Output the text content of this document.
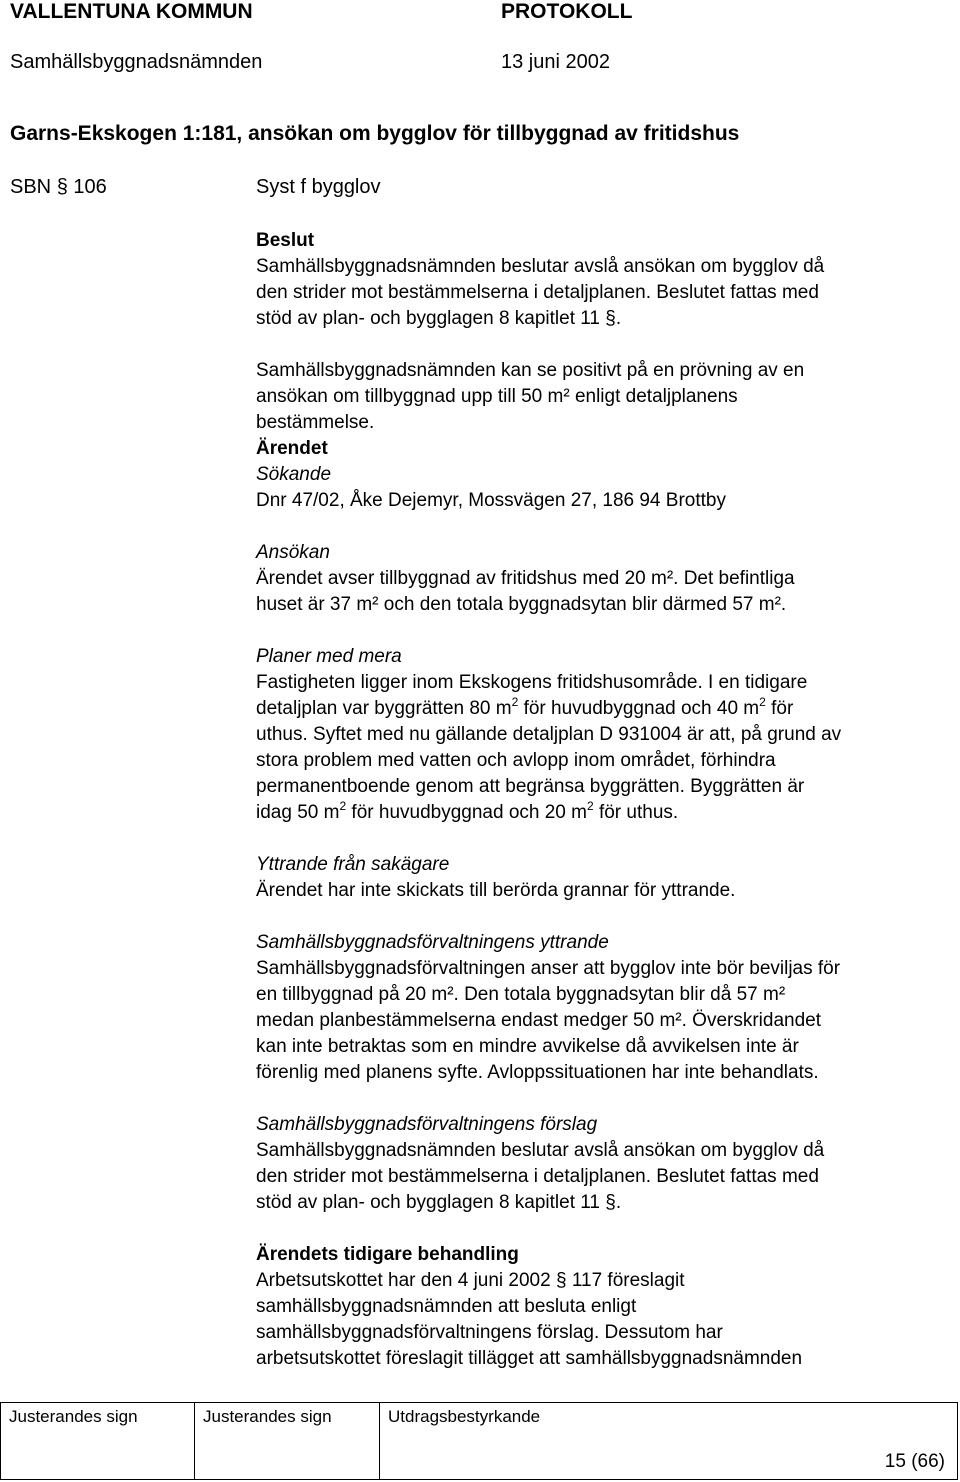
VALLENTUNA KOMMUN	PROTOKOLL
Samhällsbyggnadsnämnden	13 juni 2002
Garns-Ekskogen 1:181, ansökan om bygglov för tillbyggnad av fritidshus
SBN § 106	Syst f bygglov

Beslut

Samhällsbyggnadsnämnden beslutar avslå ansökan om bygglov då

den strider mot bestämmelserna i detaljplanen. Beslutet fattas med

stöd av plan- och bygglagen 8 kapitlet 11 §.

Samhällsbyggnadsnämnden kan se positivt på en prövning av en

ansökan om tillbyggnad upp till 50 m² enligt detaljplanens

bestämmelse.

Ärendet

Sökande

Dnr 47/02, Åke Dejemyr, Mossvägen 27, 186 94 Brottby

Ansökan

Ärendet avser tillbyggnad av fritidshus med 20 m². Det befintliga

huset är 37 m² och den totala byggnadsytan blir därmed 57 m².

Planer med mera

Fastigheten ligger inom Ekskogens fritidshusområde. I en tidigare

detaljplan var byggrätten 80 $m^2$ för huvudbyggnad och 40 $m^2$ för

uthus. Syftet med nu gällande detaljplan D 931004 är att, på grund av

stora problem med vatten och avlopp inom området, förhindra

permanentboende genom att begränsa byggrätten. Byggrätten är

idag 50 $m^2$ för huvudbyggnad och 20 $m^2$ för uthus.

Yttrande från sakägare

Ärendet har inte skickats till berörda grannar för yttrande.

Samhällsbyggnadsförvaltningens yttrande

Samhällsbyggnadsförvaltningen anser att bygglov inte bör beviljas för

en tillbyggnad på 20 m². Den totala byggnadsytan blir då 57 m²

medan planbestämmelserna endast medger 50 m². Överskridandet

kan inte betraktas som en mindre avvikelse då avvikelsen inte är

förenlig med planens syfte. Avloppssituationen har inte behandlats.

Samhällsbyggnadsförvaltningens förslag

Samhällsbyggnadsnämnden beslutar avslå ansökan om bygglov då

den strider mot bestämmelserna i detaljplanen. Beslutet fattas med

stöd av plan- och bygglagen 8 kapitlet 11 §.

Ärendets tidigare behandling

Arbetsutskottet har den 4 juni 2002 § 117 föreslagit

samhällsbyggnadsnämnden att besluta enligt

samhällsbyggnadsförvaltningens förslag. Dessutom har

arbetsutskottet föreslagit tillägget att samhällsbyggnadsnämnden

Justerandes sign	Justerandes sign	Utdragsbestyrkande
15 (66)
